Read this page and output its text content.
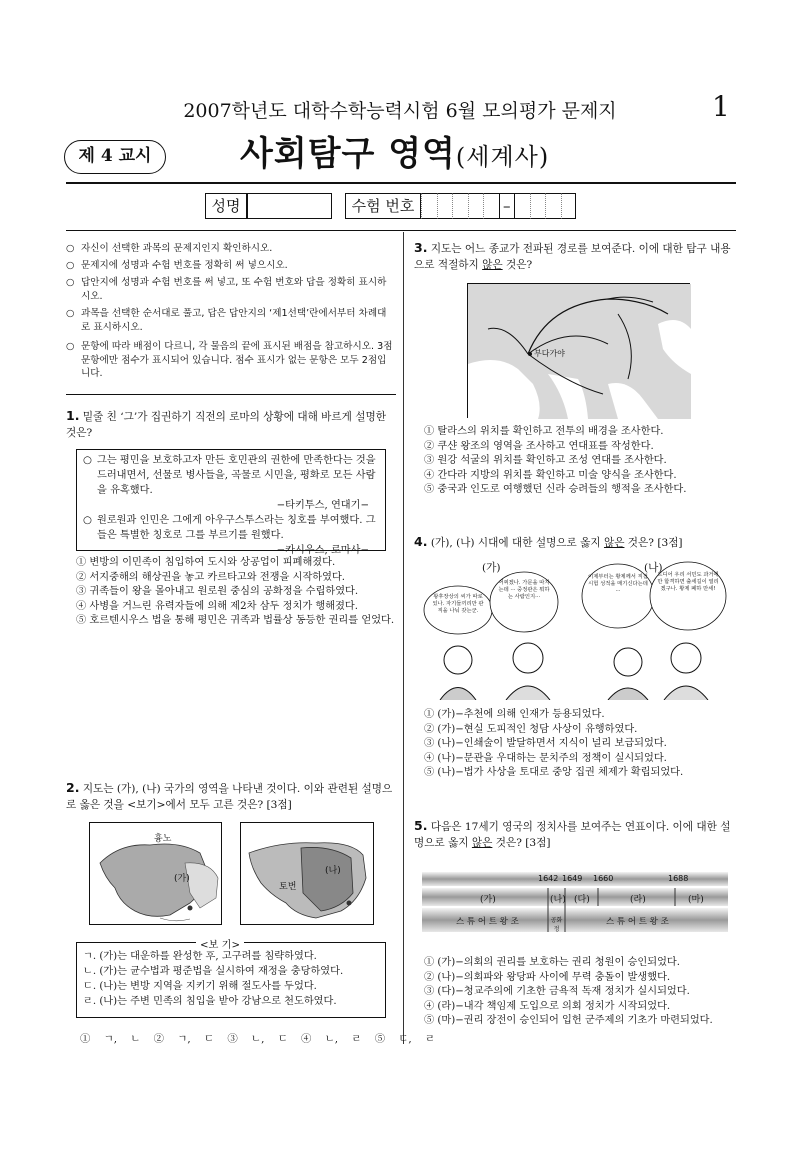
2007학년도 대학수학능력시험 6월 모의평가 문제지	1
제 4 교시	사회탐구 영역(세계사)
성명	수험 번호	–
○ 자신이 선택한 과목의 문제지인지 확인하시오.
○ 문제지에 성명과 수험 번호를 정확히 써 넣으시오.
○ 답안지에 성명과 수험 번호를 써 넣고, 또 수험 번호와 답을 정확히 표시하시오.
○ 과목을 선택한 순서대로 풀고, 답은 답안지의 ‘제1선택’란에서부터 차례대로 표시하시오.
○ 문항에 따라 배점이 다르니, 각 물음의 끝에 표시된 배점을 참고하시오. 3점 문항에만 점수가 표시되어 있습니다. 점수 표시가 없는 문항은 모두 2점입니다.
1. 밑줄 친 ‘그’가 집권하기 직전의 로마의 상황에 대해 바르게 설명한 것은?
○ 그는 평민을 보호하고자 만든 호민관의 권한에 만족한다는 것을 드러내면서, 선물로 병사들을, 곡물로 시민을, 평화로 모든 사람을 유혹했다.
−타키투스, 연대기−
○ 원로원과 인민은 그에게 아우구스투스라는 칭호를 부여했다. 그들은 특별한 칭호로 그를 부르기를 원했다.
−카시우스, 로마사−
① 변방의 이민족이 침입하여 도시와 상공업이 피폐해졌다.
② 서지중해의 해상권을 놓고 카르타고와 전쟁을 시작하였다.
③ 귀족들이 왕을 몰아내고 원로원 중심의 공화정을 수립하였다.
④ 사병을 거느린 유력자들에 의해 제2차 삼두 정치가 행해졌다.
⑤ 호르텐시우스 법을 통해 평민은 귀족과 법률상 동등한 권리를 얻었다.
2. 지도는 (가), (나) 국가의 영역을 나타낸 것이다. 이와 관련된 설명으로 옳은 것을 <보기>에서 모두 고른 것은? [3점]
흉노
(가)
토번
(나)
ㄱ. (가)는 대운하를 완성한 후, 고구려를 침략하였다.
ㄴ. (가)는 균수법과 평준법을 실시하여 재정을 충당하였다.
ㄷ. (나)는 변방 지역을 지키기 위해 절도사를 두었다.
ㄹ. (나)는 주변 민족의 침입을 받아 강남으로 천도하였다.
<보 기>
① ㄱ, ㄴ ② ㄱ, ㄷ ③ ㄴ, ㄷ ④ ㄴ, ㄹ ⑤ ㄷ, ㄹ
3. 지도는 어느 종교가 전파된 경로를 보여준다. 이에 대한 탐구 내용으로 적절하지 않은 것은?
부다가야
① 탈라스의 위치를 확인하고 전투의 배경을 조사한다.
② 쿠샨 왕조의 영역을 조사하고 연대표를 작성한다.
③ 원강 석굴의 위치를 확인하고 조성 연대를 조사한다.
④ 간다라 지방의 위치를 확인하고 미술 양식을 조사한다.
⑤ 중국과 인도로 여행했던 신라 승려들의 행적을 조사한다.
4. (가), (나) 시대에 대한 설명으로 옳지 않은 것은? [3점]
(가)	(나)
왕후장상의 씨가 따로 있나. 자기들끼리만 관직을 나눠 갖는군.
어찌겠나. 가문을 따지는데 ··· 중정관은 뭐하는 사람인지···
이제부터는 황제께서 직접 시험 성적을 매기신다는데···
드디어 우리 서민도 과거에만 합격하면 출세길이 열리겠구나. 황제 폐하 만세!
① (가)−추천에 의해 인재가 등용되었다.
② (가)−현실 도피적인 청담 사상이 유행하였다.
③ (나)−인쇄술이 발달하면서 지식이 널리 보급되었다.
④ (나)−문관을 우대하는 문치주의 정책이 실시되었다.
⑤ (나)−법가 사상을 토대로 중앙 집권 체제가 확립되었다.
5. 다음은 17세기 영국의 정치사를 보여주는 연표이다. 이에 대한 설명으로 옳지 않은 것은? [3점]
1642 1649 1660	1688
(가)	(나) (다)	(라)	(마)
스 튜 어 트 왕 조	공화정
스 튜 어 트 왕 조
① (가)−의회의 권리를 보호하는 권리 청원이 승인되었다.
② (나)−의회파와 왕당파 사이에 무력 충돌이 발생했다.
③ (다)−청교주의에 기초한 금욕적 독재 정치가 실시되었다.
④ (라)−내각 책임제 도입으로 의회 정치가 시작되었다.
⑤ (마)−권리 장전이 승인되어 입헌 군주제의 기초가 마련되었다.
